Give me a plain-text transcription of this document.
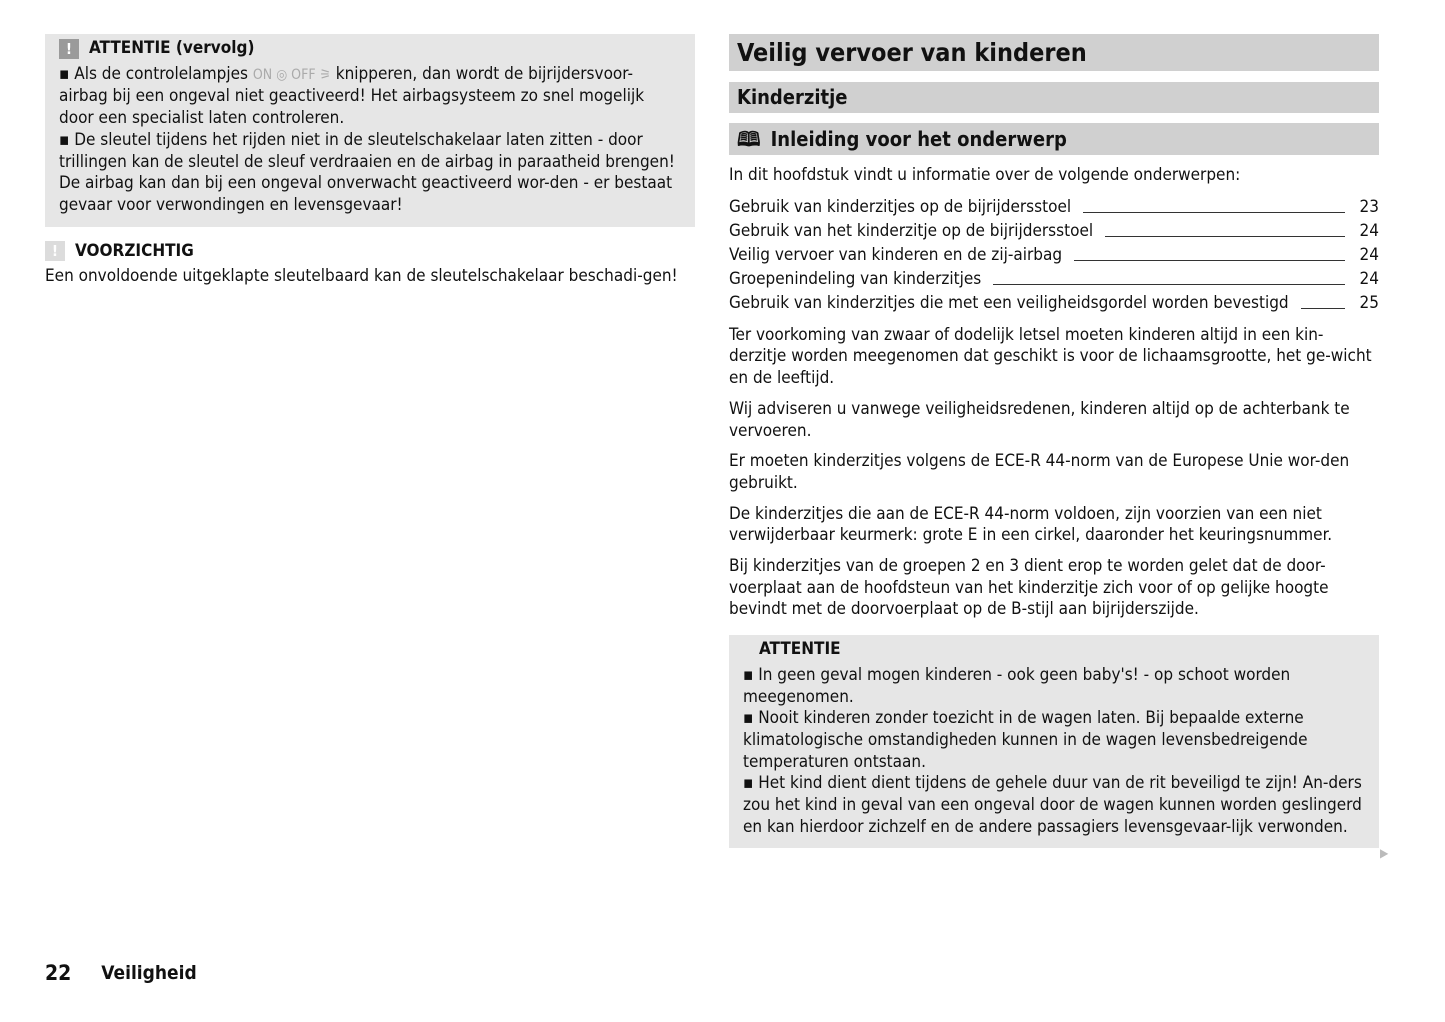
! ATTENTIE (vervolg)
▪ Als de controlelampjes ON ◎ OFF ⚞ knipperen, dan wordt de bijrijdersvoor-airbag bij een ongeval niet geactiveerd! Het airbagsysteem zo snel mogelijk door een specialist laten controleren.
▪ De sleutel tijdens het rijden niet in de sleutelschakelaar laten zitten - door trillingen kan de sleutel de sleuf verdraaien en de airbag in paraatheid brengen! De airbag kan dan bij een ongeval onverwacht geactiveerd wor-den - er bestaat gevaar voor verwondingen en levensgevaar!
! VOORZICHTIG
Een onvoldoende uitgeklapte sleutelbaard kan de sleutelschakelaar beschadi-gen!
Veilig vervoer van kinderen
Kinderzitje
🕮 Inleiding voor het onderwerp
In dit hoofdstuk vindt u informatie over de volgende onderwerpen:
Gebruik van kinderzitjes op de bijrijdersstoel	23
Gebruik van het kinderzitje op de bijrijdersstoel	24
Veilig vervoer van kinderen en de zij-airbag	24
Groepenindeling van kinderzitjes	24
Gebruik van kinderzitjes die met een veiligheidsgordel worden bevestigd	25

Ter voorkoming van zwaar of dodelijk letsel moeten kinderen altijd in een kin-derzitje worden meegenomen dat geschikt is voor de lichaamsgrootte, het ge-wicht en de leeftijd.

Wij adviseren u vanwege veiligheidsredenen, kinderen altijd op de achterbank te vervoeren.

Er moeten kinderzitjes volgens de ECE-R 44-norm van de Europese Unie wor-den gebruikt.

De kinderzitjes die aan de ECE-R 44-norm voldoen, zijn voorzien van een niet verwijderbaar keurmerk: grote E in een cirkel, daaronder het keuringsnummer.

Bij kinderzitjes van de groepen 2 en 3 dient erop te worden gelet dat de door-voerplaat aan de hoofdsteun van het kinderzitje zich voor of op gelijke hoogte bevindt met de doorvoerplaat op de B-stijl aan bijrijderszijde.

ATTENTIE
▪ In geen geval mogen kinderen - ook geen baby's! - op schoot worden meegenomen.
▪ Nooit kinderen zonder toezicht in de wagen laten. Bij bepaalde externe klimatologische omstandigheden kunnen in de wagen levensbedreigende temperaturen ontstaan.
▪ Het kind dient dient tijdens de gehele duur van de rit beveiligd te zijn! An-ders zou het kind in geval van een ongeval door de wagen kunnen worden geslingerd en kan hierdoor zichzelf en de andere passagiers levensgevaar-lijk verwonden.
▶
22 Veiligheid
